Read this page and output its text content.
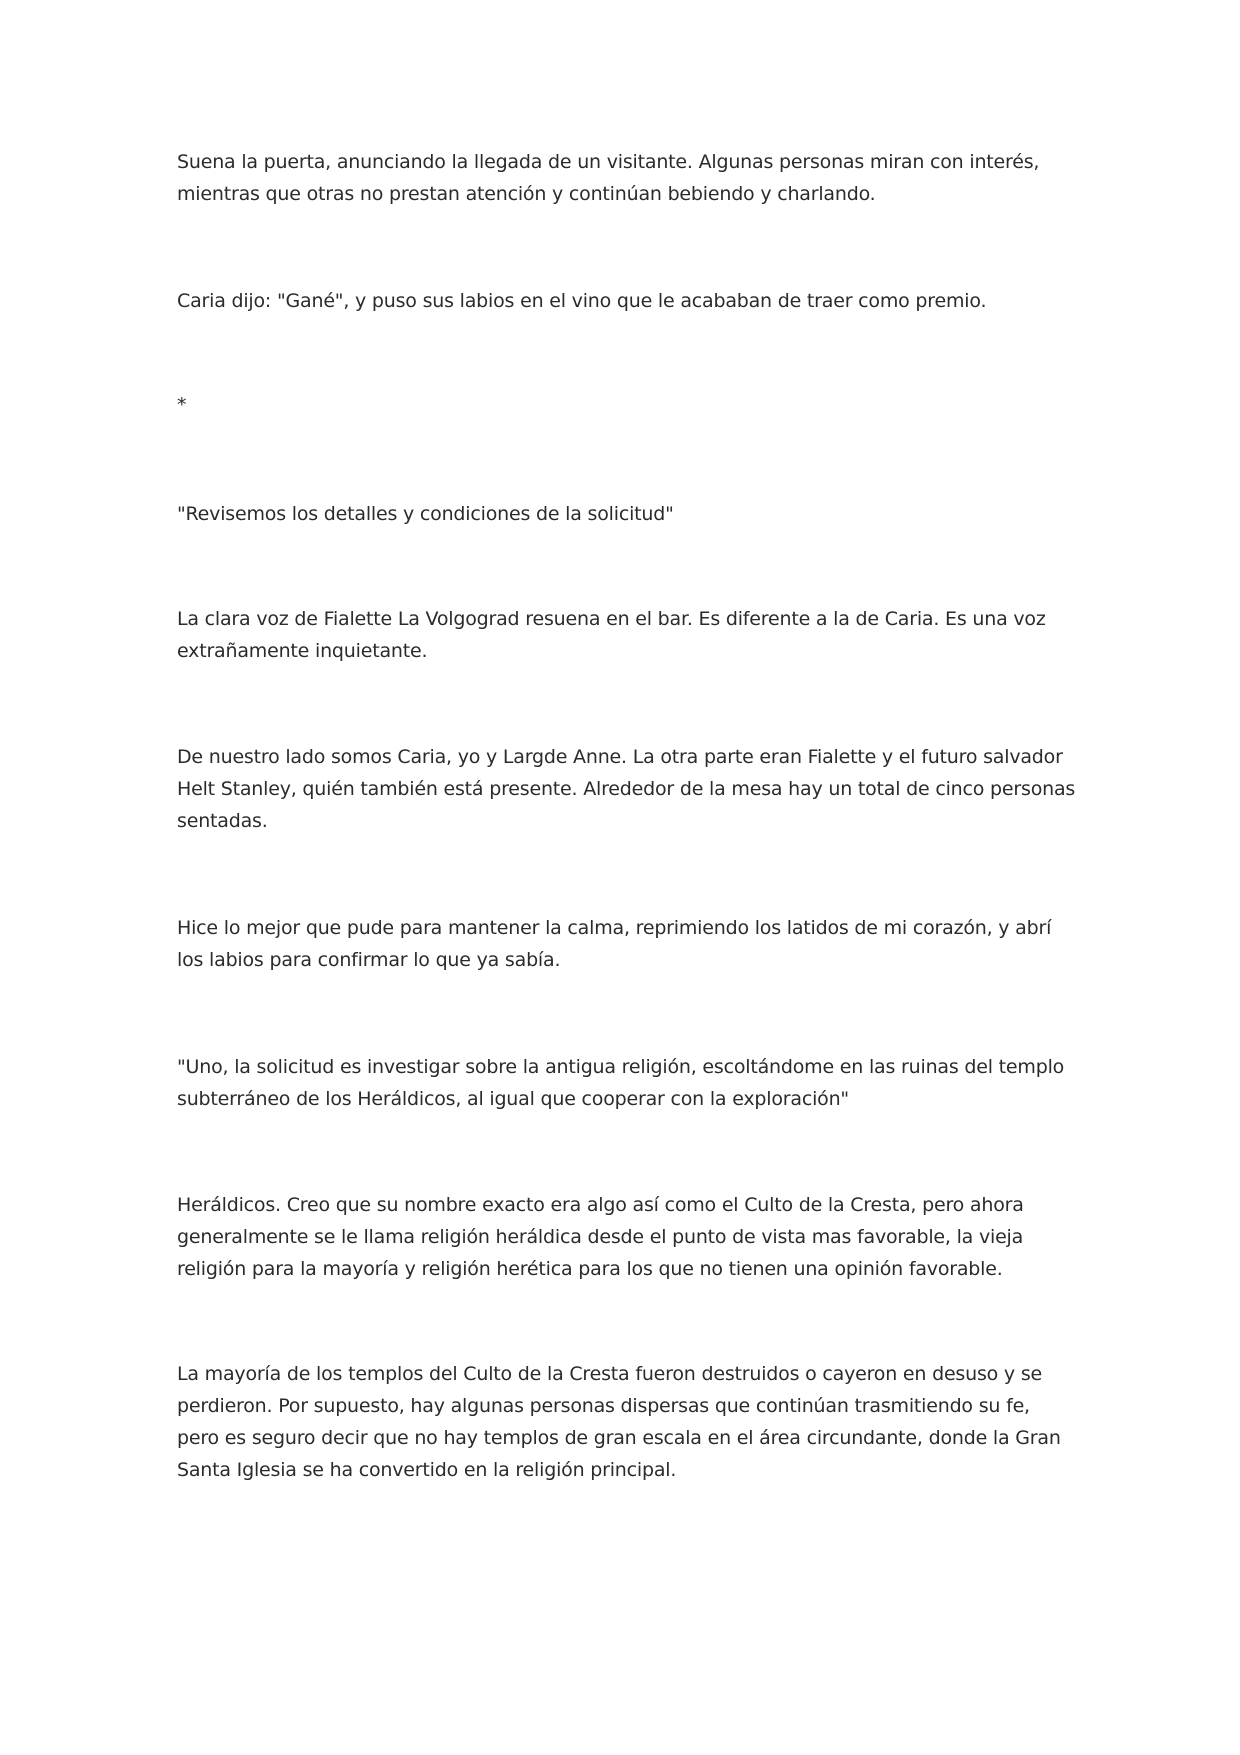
Suena la puerta, anunciando la llegada de un visitante. Algunas personas miran con interés, mientras que otras no prestan atención y continúan bebiendo y charlando.

Caria dijo: "Gané", y puso sus labios en el vino que le acababan de traer como premio.

*

"Revisemos los detalles y condiciones de la solicitud"

La clara voz de Fialette La Volgograd resuena en el bar. Es diferente a la de Caria. Es una voz extrañamente inquietante.

De nuestro lado somos Caria, yo y Largde Anne. La otra parte eran Fialette y el futuro salvador Helt Stanley, quién también está presente. Alrededor de la mesa hay un total de cinco personas sentadas.

Hice lo mejor que pude para mantener la calma, reprimiendo los latidos de mi corazón, y abrí los labios para confirmar lo que ya sabía.

"Uno, la solicitud es investigar sobre la antigua religión, escoltándome en las ruinas del templo subterráneo de los Heráldicos, al igual que cooperar con la exploración"

Heráldicos. Creo que su nombre exacto era algo así como el Culto de la Cresta, pero ahora generalmente se le llama religión heráldica desde el punto de vista mas favorable, la vieja religión para la mayoría y religión herética para los que no tienen una opinión favorable.

La mayoría de los templos del Culto de la Cresta fueron destruidos o cayeron en desuso y se perdieron. Por supuesto, hay algunas personas dispersas que continúan trasmitiendo su fe, pero es seguro decir que no hay templos de gran escala en el área circundante, donde la Gran Santa Iglesia se ha convertido en la religión principal.
